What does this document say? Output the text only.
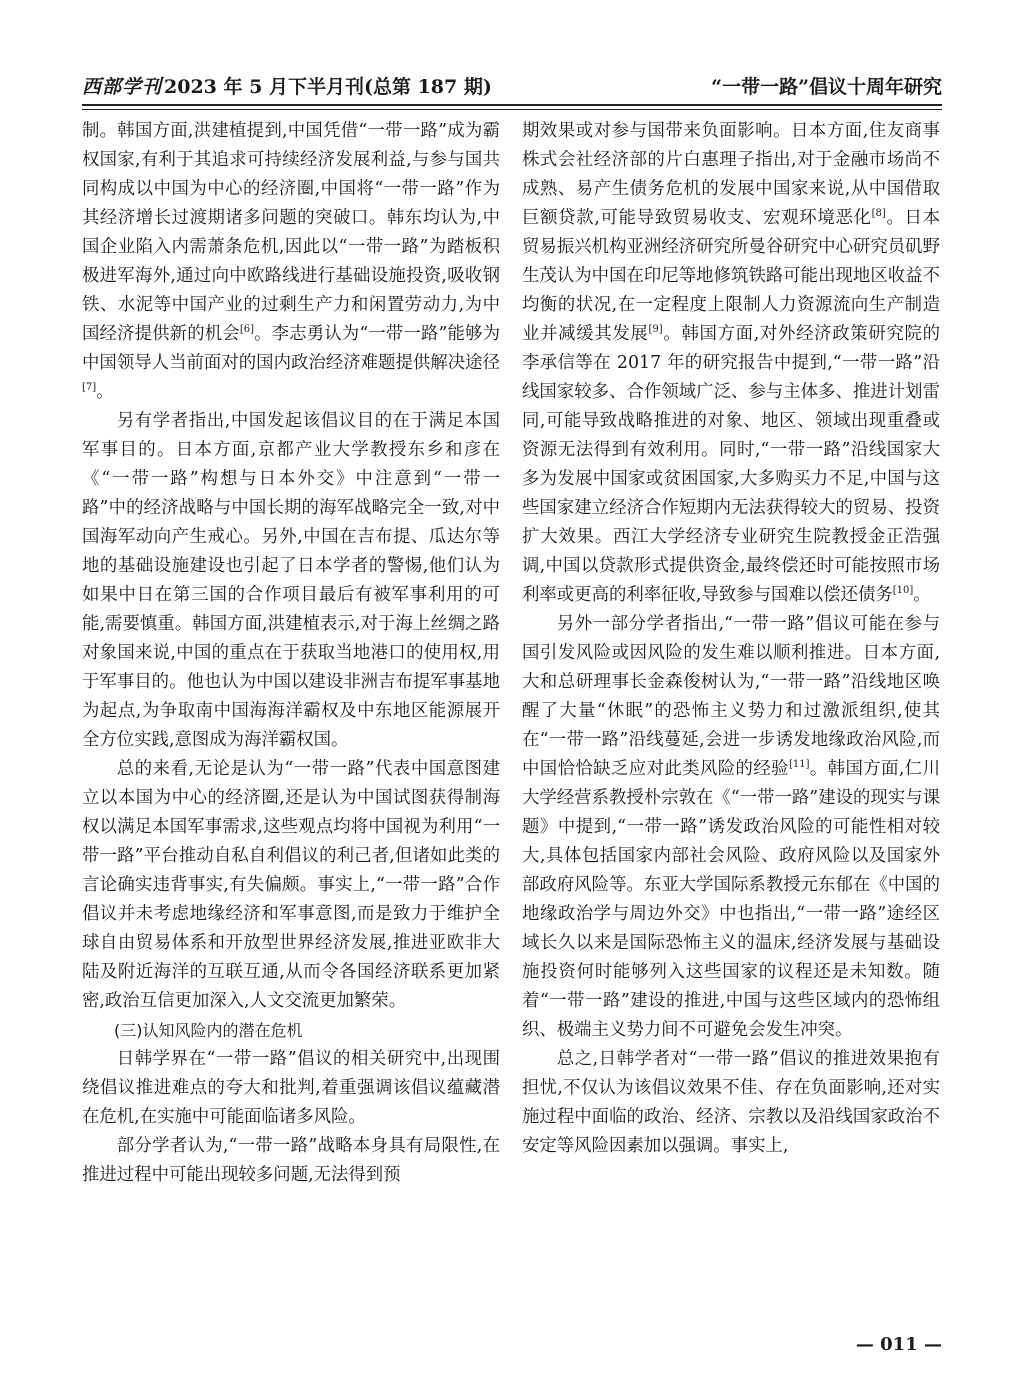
西部学刊 2023 年 5 月下半月刊(总第 187 期)	“一带一路”倡议十周年研究

制。韩国方面,洪建植提到,中国凭借“一带一路”成为霸权国家,有利于其追求可持续经济发展利益,与参与国共同构成以中国为中心的经济圈,中国将“一带一路”作为其经济增长过渡期诸多问题的突破口。韩东均认为,中国企业陷入内需萧条危机,因此以“一带一路”为踏板积极进军海外,通过向中欧路线进行基础设施投资,吸收钢铁、水泥等中国产业的过剩生产力和闲置劳动力,为中国经济提供新的机会[6]。李志勇认为“一带一路”能够为中国领导人当前面对的国内政治经济难题提供解决途径[7]。

另有学者指出,中国发起该倡议目的在于满足本国军事目的。日本方面,京都产业大学教授东乡和彦在《“一带一路”构想与日本外交》中注意到“一带一路”中的经济战略与中国长期的海军战略完全一致,对中国海军动向产生戒心。另外,中国在吉布提、瓜达尔等地的基础设施建设也引起了日本学者的警惕,他们认为如果中日在第三国的合作项目最后有被军事利用的可能,需要慎重。韩国方面,洪建植表示,对于海上丝绸之路对象国来说,中国的重点在于获取当地港口的使用权,用于军事目的。他也认为中国以建设非洲吉布提军事基地为起点,为争取南中国海海洋霸权及中东地区能源展开全方位实践,意图成为海洋霸权国。

总的来看,无论是认为“一带一路”代表中国意图建立以本国为中心的经济圈,还是认为中国试图获得制海权以满足本国军事需求,这些观点均将中国视为利用“一带一路”平台推动自私自利倡议的利己者,但诸如此类的言论确实违背事实,有失偏颇。事实上,“一带一路”合作倡议并未考虑地缘经济和军事意图,而是致力于维护全球自由贸易体系和开放型世界经济发展,推进亚欧非大陆及附近海洋的互联互通,从而令各国经济联系更加紧密,政治互信更加深入,人文交流更加繁荣。

(三)认知风险内的潜在危机

日韩学界在“一带一路”倡议的相关研究中,出现围绕倡议推进难点的夸大和批判,着重强调该倡议蕴藏潜在危机,在实施中可能面临诸多风险。

部分学者认为,“一带一路”战略本身具有局限性,在推进过程中可能出现较多问题,无法得到预

期效果或对参与国带来负面影响。日本方面,住友商事株式会社经济部的片白惠理子指出,对于金融市场尚不成熟、易产生债务危机的发展中国家来说,从中国借取巨额贷款,可能导致贸易收支、宏观环境恶化[8]。日本贸易振兴机构亚洲经济研究所曼谷研究中心研究员矶野生茂认为中国在印尼等地修筑铁路可能出现地区收益不均衡的状况,在一定程度上限制人力资源流向生产制造业并减缓其发展[9]。韩国方面,对外经济政策研究院的李承信等在 2017 年的研究报告中提到,“一带一路”沿线国家较多、合作领域广泛、参与主体多、推进计划雷同,可能导致战略推进的对象、地区、领域出现重叠或资源无法得到有效利用。同时,“一带一路”沿线国家大多为发展中国家或贫困国家,大多购买力不足,中国与这些国家建立经济合作短期内无法获得较大的贸易、投资扩大效果。西江大学经济专业研究生院教授金正浩强调,中国以贷款形式提供资金,最终偿还时可能按照市场利率或更高的利率征收,导致参与国难以偿还债务[10]。

另外一部分学者指出,“一带一路”倡议可能在参与国引发风险或因风险的发生难以顺利推进。日本方面,大和总研理事长金森俊树认为,“一带一路”沿线地区唤醒了大量“休眠”的恐怖主义势力和过激派组织,使其在“一带一路”沿线蔓延,会进一步诱发地缘政治风险,而中国恰恰缺乏应对此类风险的经验[11]。韩国方面,仁川大学经营系教授朴宗敦在《“一带一路”建设的现实与课题》中提到,“一带一路”诱发政治风险的可能性相对较大,具体包括国家内部社会风险、政府风险以及国家外部政府风险等。东亚大学国际系教授元东郁在《中国的地缘政治学与周边外交》中也指出,“一带一路”途经区域长久以来是国际恐怖主义的温床,经济发展与基础设施投资何时能够列入这些国家的议程还是未知数。随着“一带一路”建设的推进,中国与这些区域内的恐怖组织、极端主义势力间不可避免会发生冲突。

总之,日韩学者对“一带一路”倡议的推进效果抱有担忧,不仅认为该倡议效果不佳、存在负面影响,还对实施过程中面临的政治、经济、宗教以及沿线国家政治不安定等风险因素加以强调。事实上,

— 011 —
